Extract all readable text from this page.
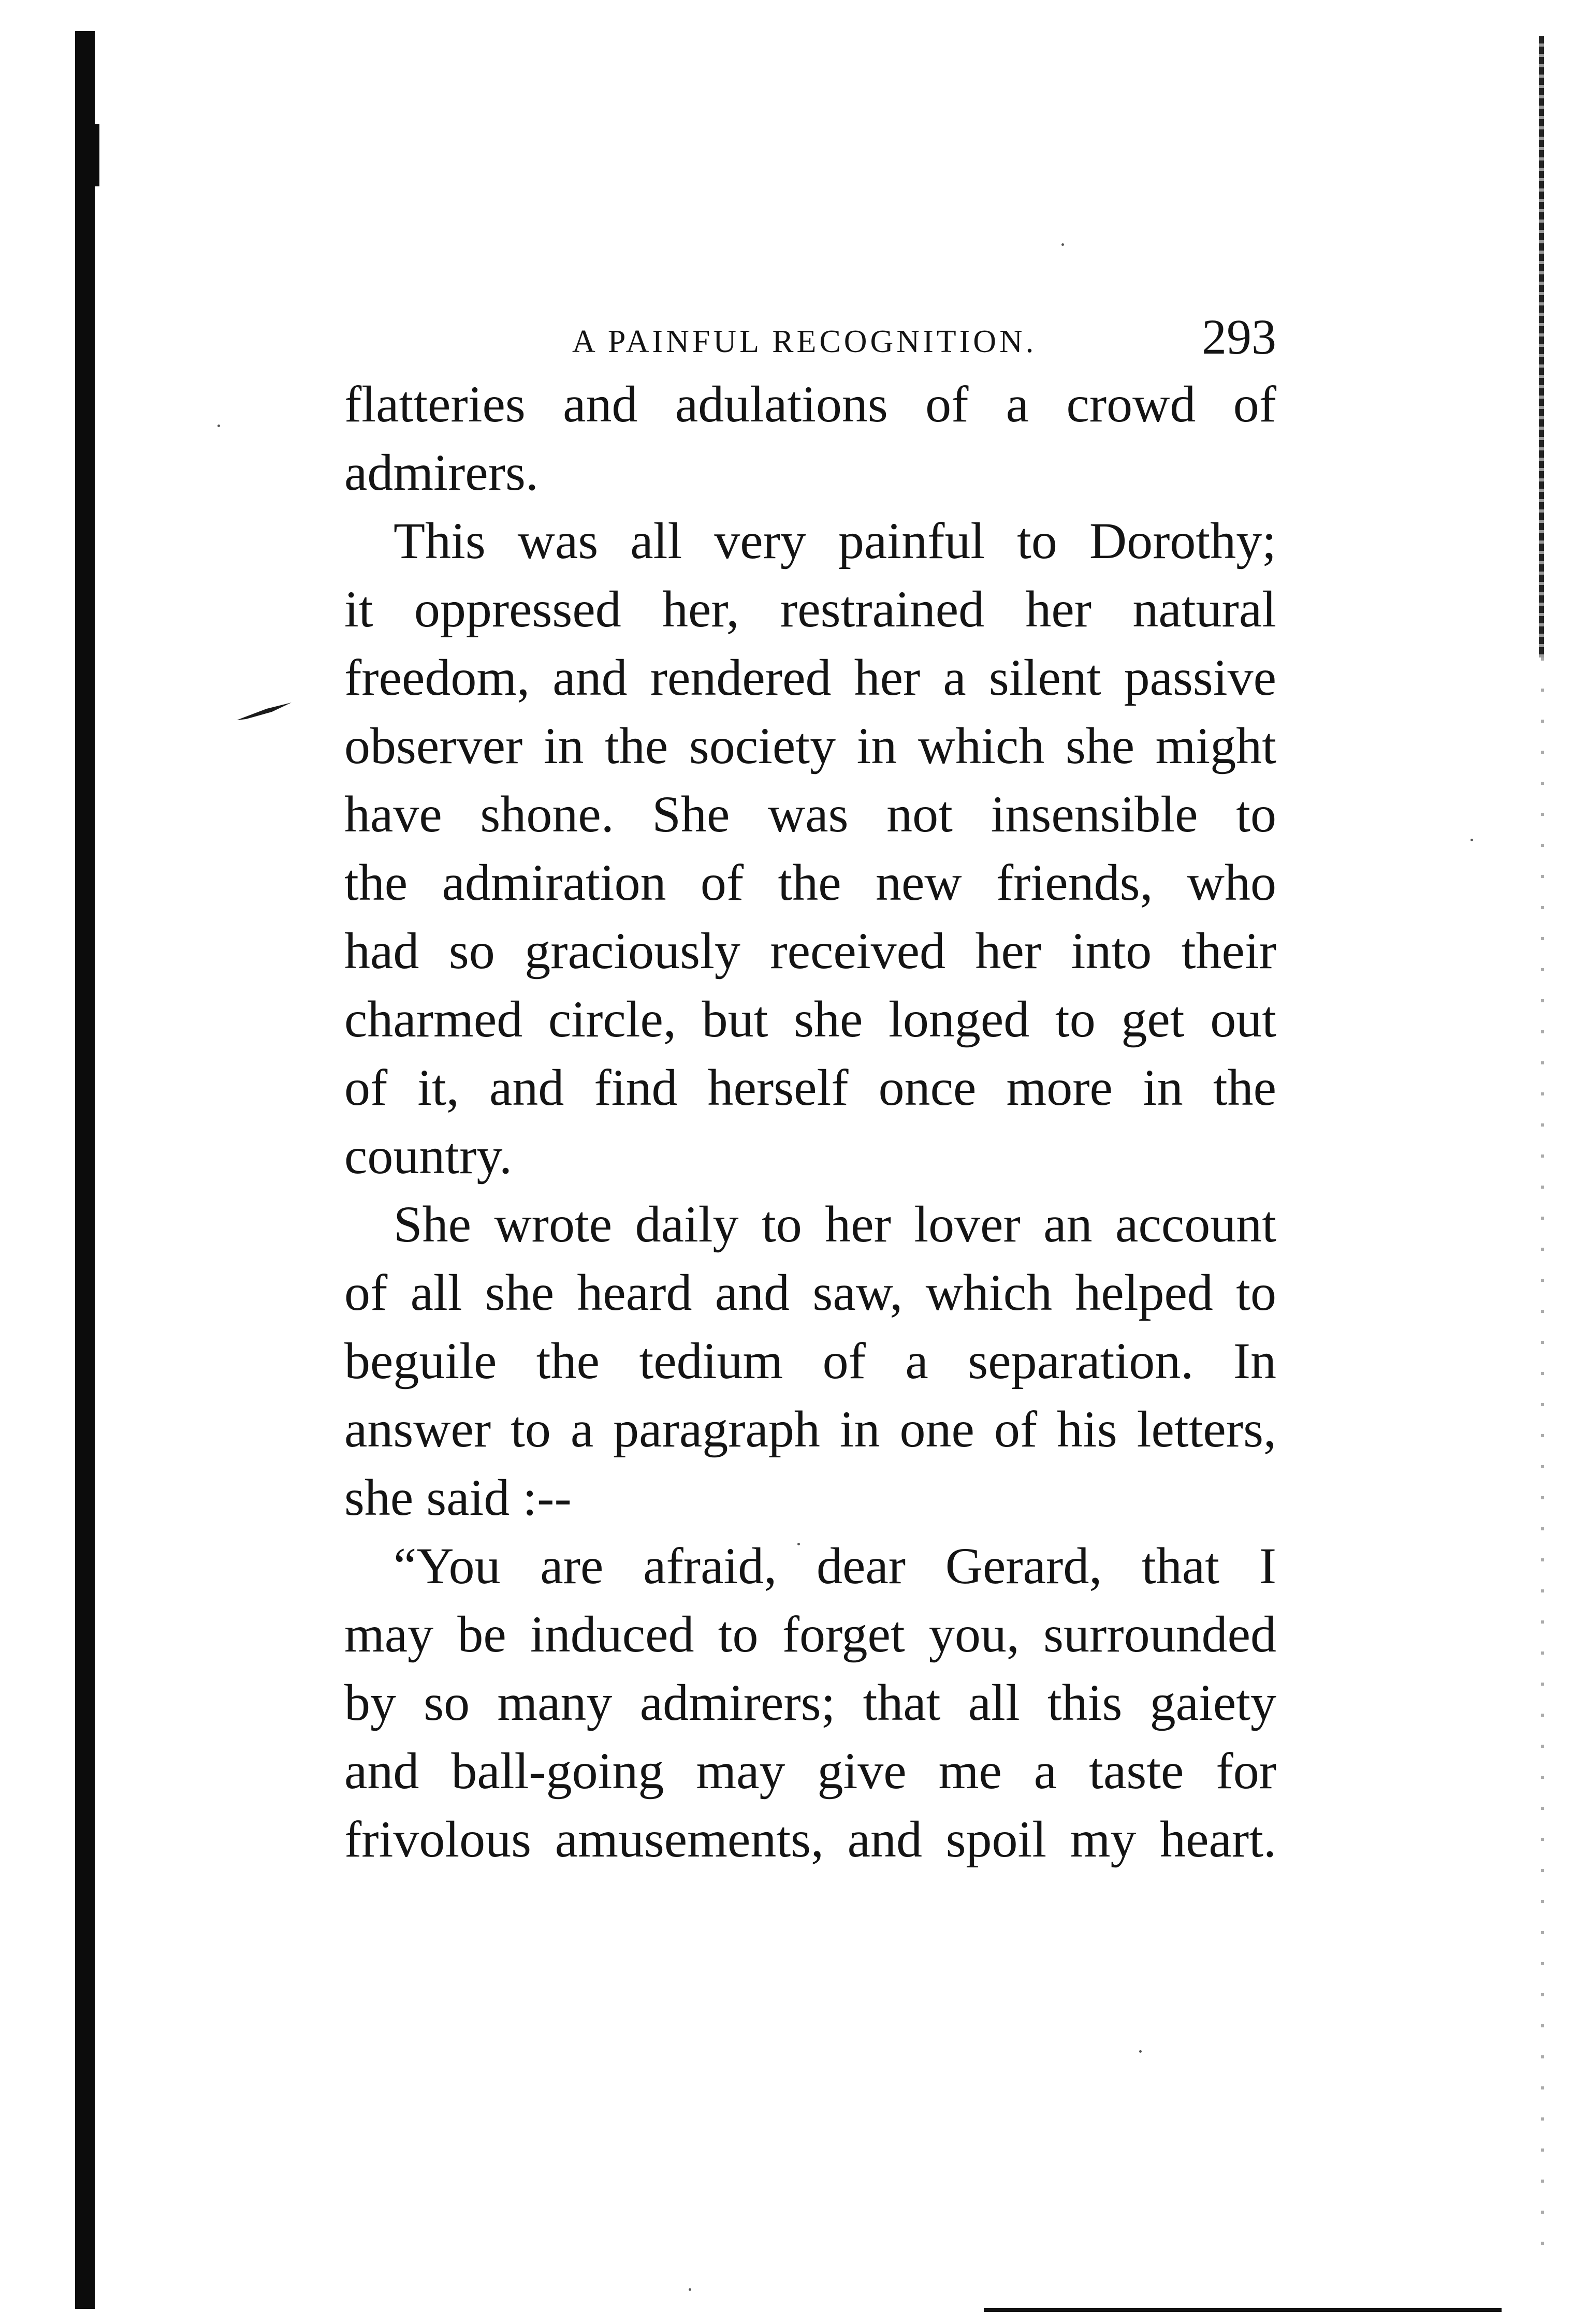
A PAINFUL RECOGNITION.	293

flatteries and adulations of a crowd of
admirers.

This was all very painful to Dorothy;
it oppressed her, restrained her natural
freedom, and rendered her a silent passive
observer in the society in which she might
have shone. She was not insensible to
the admiration of the new friends, who
had so graciously received her into their
charmed circle, but she longed to get out
of it, and find herself once more in the
country.

She wrote daily to her lover an account
of all she heard and saw, which helped to
beguile the tedium of a separation. In
answer to a paragraph in one of his letters,
she said :--

“You are afraid, dear Gerard, that I
may be induced to forget you, surrounded
by so many admirers; that all this gaiety
and ball-going may give me a taste for
frivolous amusements, and spoil my heart.
